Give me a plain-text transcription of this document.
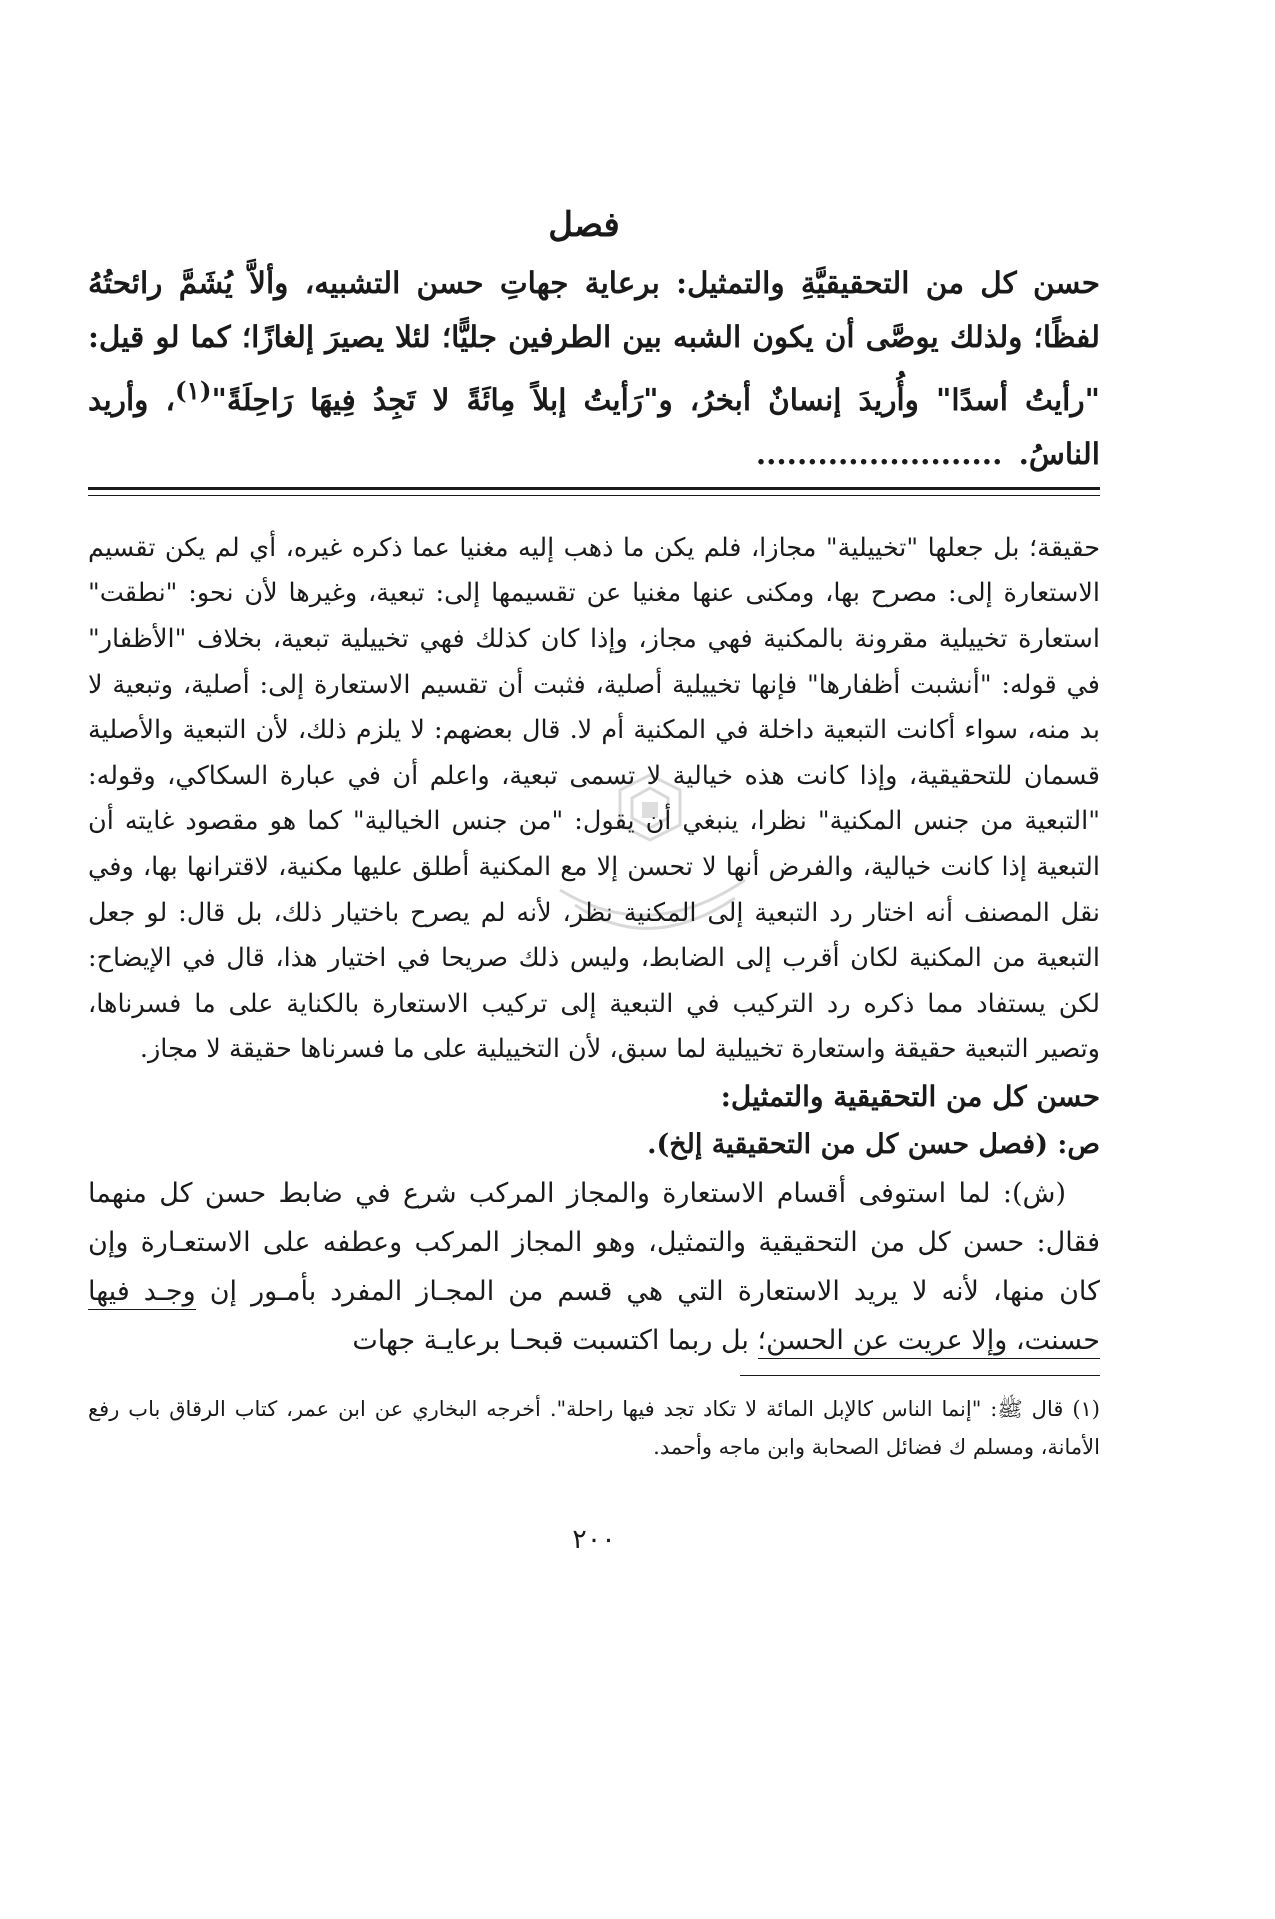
فصل

حسن كل من التحقيقيَّةِ والتمثيل: برعاية جهاتِ حسن التشبيه، وألاَّ يُشَمَّ رائحتُهُ لفظًا؛ ولذلك يوصَّى أن يكون الشبه بين الطرفين جليًّا؛ لئلا يصيرَ إلغازًا؛ كما لو قيل: "رأيتُ أسدًا" وأُريدَ إنسانٌ أبخرُ، و"رَأيتُ إبلاً مِائَةً لا تَجِدُ فِيهَا رَاحِلَةً"$^{(١)}$، وأريد الناسُ. ........................

حقيقة؛ بل جعلها "تخييلية" مجازا، فلم يكن ما ذهب إليه مغنيا عما ذكره غيره، أي لم يكن تقسيم الاستعارة إلى: مصرح بها، ومكنى عنها مغنيا عن تقسيمها إلى: تبعية، وغيرها لأن نحو: "نطقت" استعارة تخييلية مقرونة بالمكنية فهي مجاز، وإذا كان كذلك فهي تخييلية تبعية، بخلاف "الأظفار" في قوله: "أنشبت أظفارها" فإنها تخييلية أصلية، فثبت أن تقسيم الاستعارة إلى: أصلية، وتبعية لا بد منه، سواء أكانت التبعية داخلة في المكنية أم لا. قال بعضهم: لا يلزم ذلك، لأن التبعية والأصلية قسمان للتحقيقية، وإذا كانت هذه خيالية لا تسمى تبعية، واعلم أن في عبارة السكاكي، وقوله: "التبعية من جنس المكنية" نظرا، ينبغي أن يقول: "من جنس الخيالية" كما هو مقصود غايته أن التبعية إذا كانت خيالية، والفرض أنها لا تحسن إلا مع المكنية أطلق عليها مكنية، لاقترانها بها، وفي نقل المصنف أنه اختار رد التبعية إلى المكنية نظر، لأنه لم يصرح باختيار ذلك، بل قال: لو جعل التبعية من المكنية لكان أقرب إلى الضابط، وليس ذلك صريحا في اختيار هذا، قال في الإيضاح: لكن يستفاد مما ذكره رد التركيب في التبعية إلى تركيب الاستعارة بالكناية على ما فسرناها، وتصير التبعية حقيقة واستعارة تخييلية لما سبق، لأن التخييلية على ما فسرناها حقيقة لا مجاز.

حسن كل من التحقيقية والتمثيل:

ص: (فصل حسن كل من التحقيقية إلخ).

(ش): لما استوفى أقسام الاستعارة والمجاز المركب شرع في ضابط حسن كل منهما فقال: حسن كل من التحقيقية والتمثيل، وهو المجاز المركب وعطفه على الاستعـارة وإن كان منها، لأنه لا يريد الاستعارة التي هي قسم من المجـاز المفرد بأمـور إن وجـد فيها حسنت، وإلا عريت عن الحسن؛ بل ربما اكتسبت قبحـا برعايـة جهات

(١) قال ﷺ: "إنما الناس كالإبل المائة لا تكاد تجد فيها راحلة". أخرجه البخاري عن ابن عمر، كتاب الرقاق باب رفع الأمانة، ومسلم ك فضائل الصحابة وابن ماجه وأحمد.

٢٠٠
